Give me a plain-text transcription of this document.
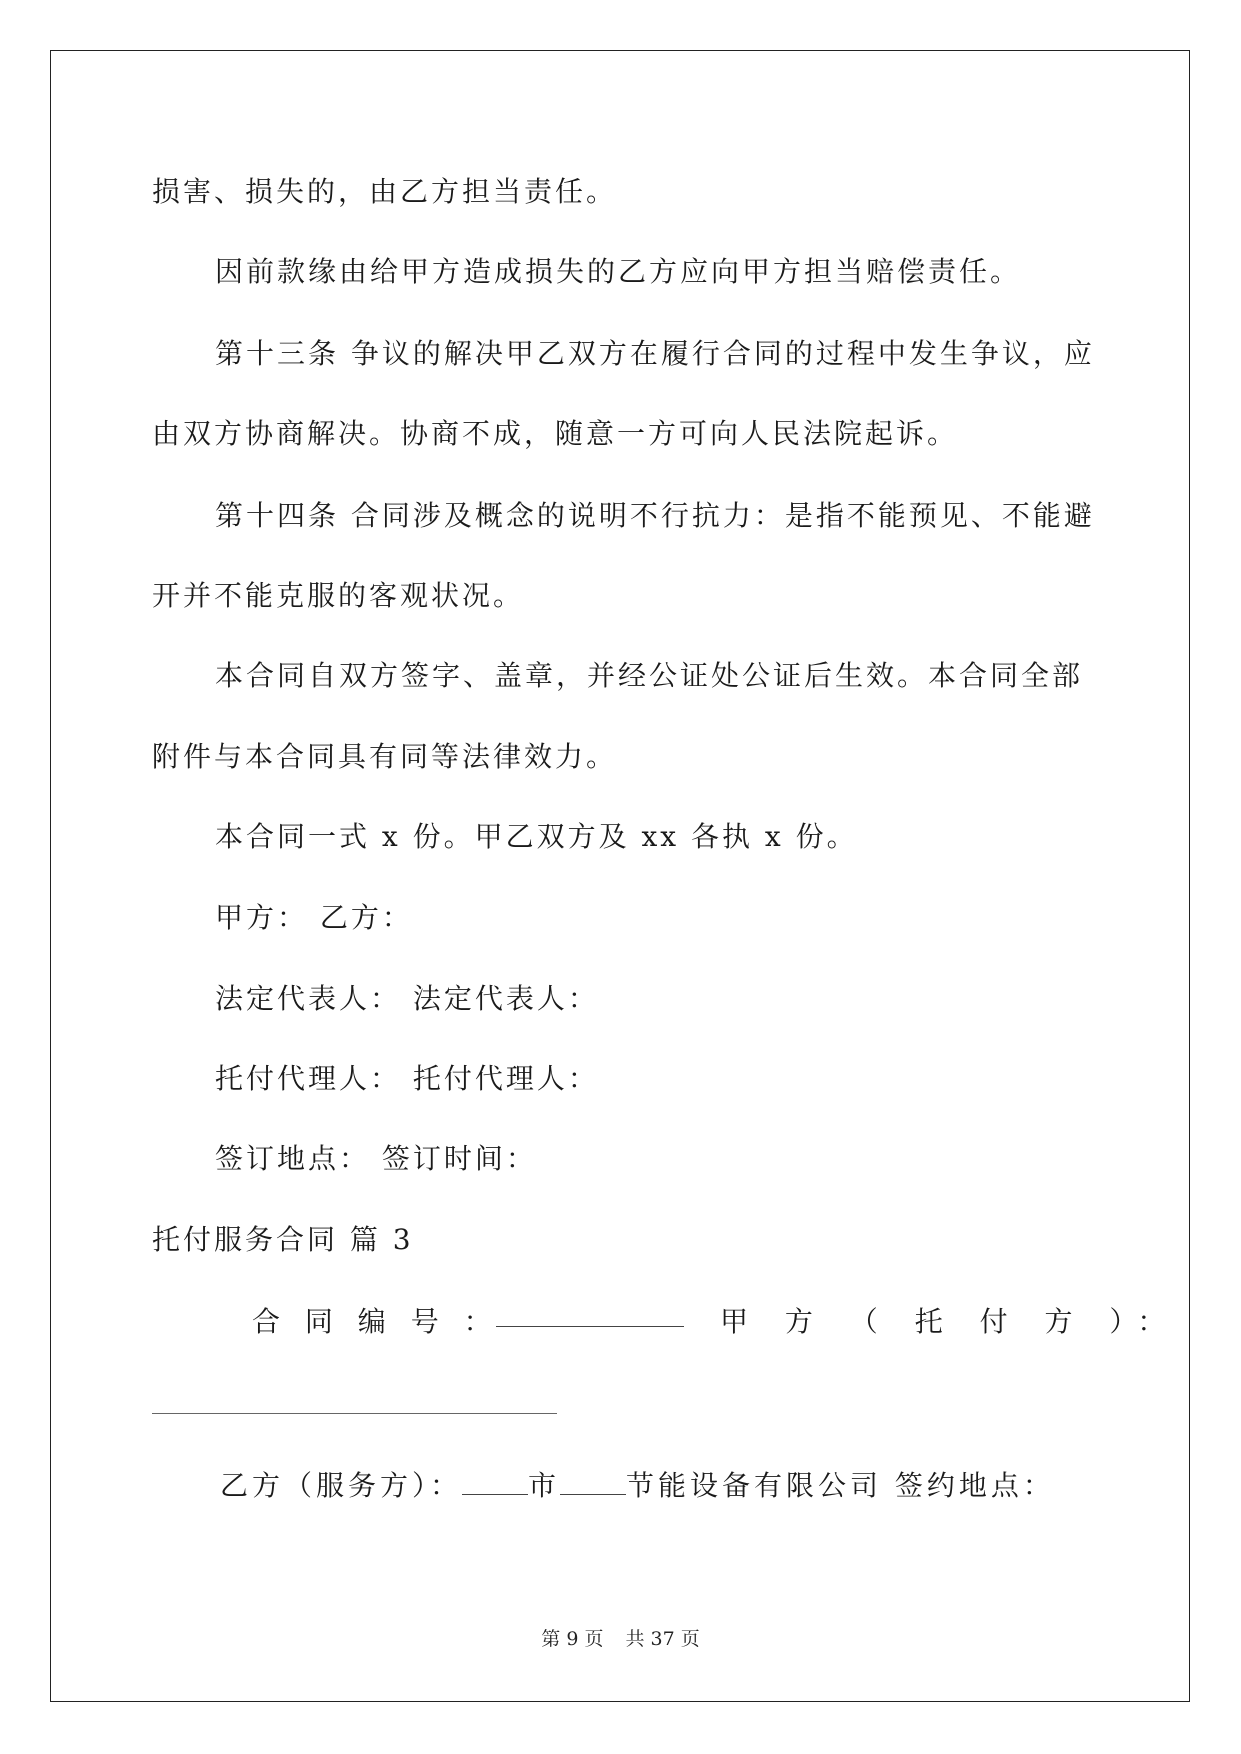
损害、损失的，由乙方担当责任。
因前款缘由给甲方造成损失的乙方应向甲方担当赔偿责任。
第十三条 争议的解决甲乙双方在履行合同的过程中发生争议，应
由双方协商解决。协商不成，随意一方可向人民法院起诉。
第十四条 合同涉及概念的说明不行抗力：是指不能预见、不能避
开并不能克服的客观状况。
本合同自双方签字、盖章，并经公证处公证后生效。本合同全部
附件与本合同具有同等法律效力。
本合同一式 x 份。甲乙双方及 xx 各执 x 份。
甲方： 乙方：
法定代表人： 法定代表人：
托付代理人： 托付代理人：
签订地点： 签订时间：
托付服务合同 篇 3
合 同 编 号 ：	甲 方 （ 托 付 方 ）：
乙方（服务方）： 市 节能设备有限公司 签约地点：
第 9 页 共 37 页
